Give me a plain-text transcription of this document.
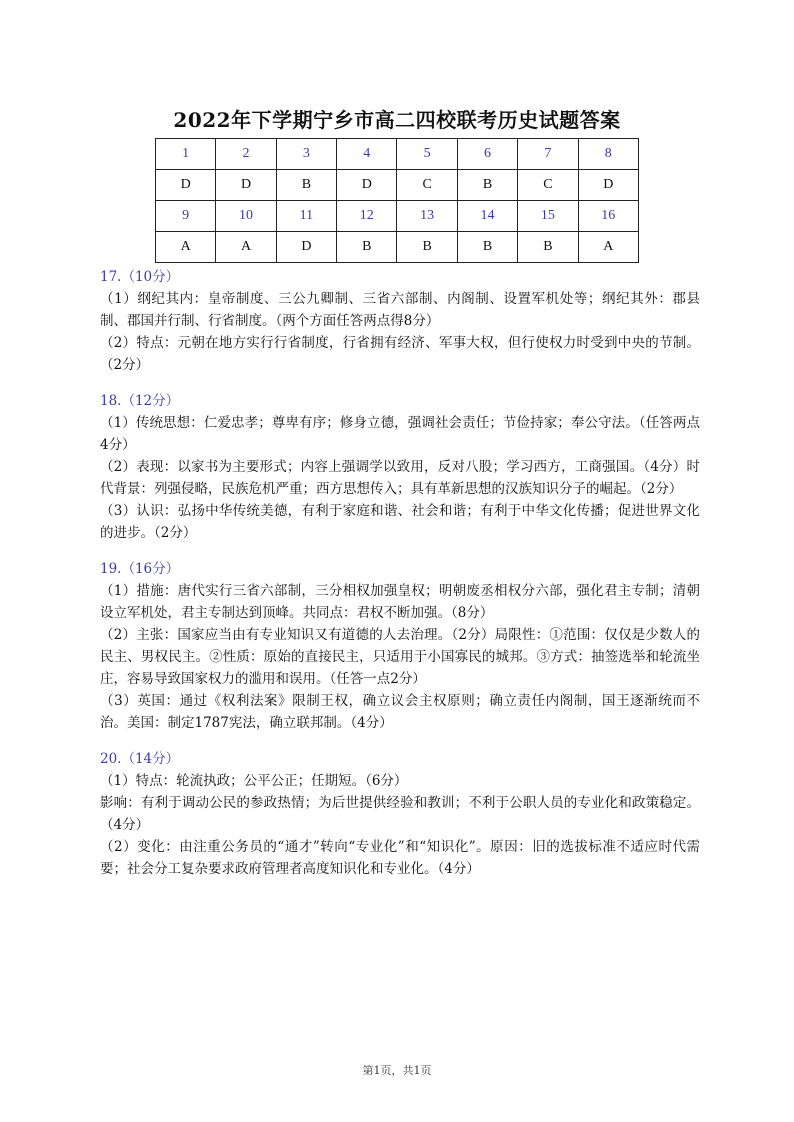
2022年下学期宁乡市高二四校联考历史试题答案
1	2	3	4	5	6	7	8
D	D	B	D	C	B	C	D
9	10	11	12	13	14	15	16
A	A	D	B	B	B	B	A
17.（10分）
（1）纲纪其内：皇帝制度、三公九卿制、三省六部制、内阁制、设置军机处等；纲纪其外：郡县制、郡国并行制、行省制度。（两个方面任答两点得8分）
（2）特点：元朝在地方实行行省制度，行省拥有经济、军事大权，但行使权力时受到中央的节制。（2分）
18.（12分）
（1）传统思想：仁爱忠孝；尊卑有序；修身立德，强调社会责任；节俭持家；奉公守法。（任答两点4分）
（2）表现：以家书为主要形式；内容上强调学以致用，反对八股；学习西方，工商强国。（4分）时代背景：列强侵略，民族危机严重；西方思想传入；具有革新思想的汉族知识分子的崛起。（2分）
（3）认识：弘扬中华传统美德，有利于家庭和谐、社会和谐；有利于中华文化传播；促进世界文化的进步。（2分）
19.（16分）
（1）措施：唐代实行三省六部制，三分相权加强皇权；明朝废丞相权分六部，强化君主专制；清朝设立军机处，君主专制达到顶峰。共同点：君权不断加强。（8分）
（2）主张：国家应当由有专业知识又有道德的人去治理。（2分）局限性：①范围：仅仅是少数人的民主、男权民主。②性质：原始的直接民主，只适用于小国寡民的城邦。③方式：抽签选举和轮流坐庄，容易导致国家权力的滥用和误用。（任答一点2分）
（3）英国：通过《权利法案》限制王权，确立议会主权原则；确立责任内阁制，国王逐渐统而不治。美国：制定1787宪法，确立联邦制。（4分）
20.（14分）
（1）特点：轮流执政；公平公正；任期短。（6分）
影响：有利于调动公民的参政热情；为后世提供经验和教训；不利于公职人员的专业化和政策稳定。（4分）
（2）变化：由注重公务员的“通才”转向“专业化”和“知识化”。原因：旧的选拔标准不适应时代需要；社会分工复杂要求政府管理者高度知识化和专业化。（4分）
第1页，共1页
